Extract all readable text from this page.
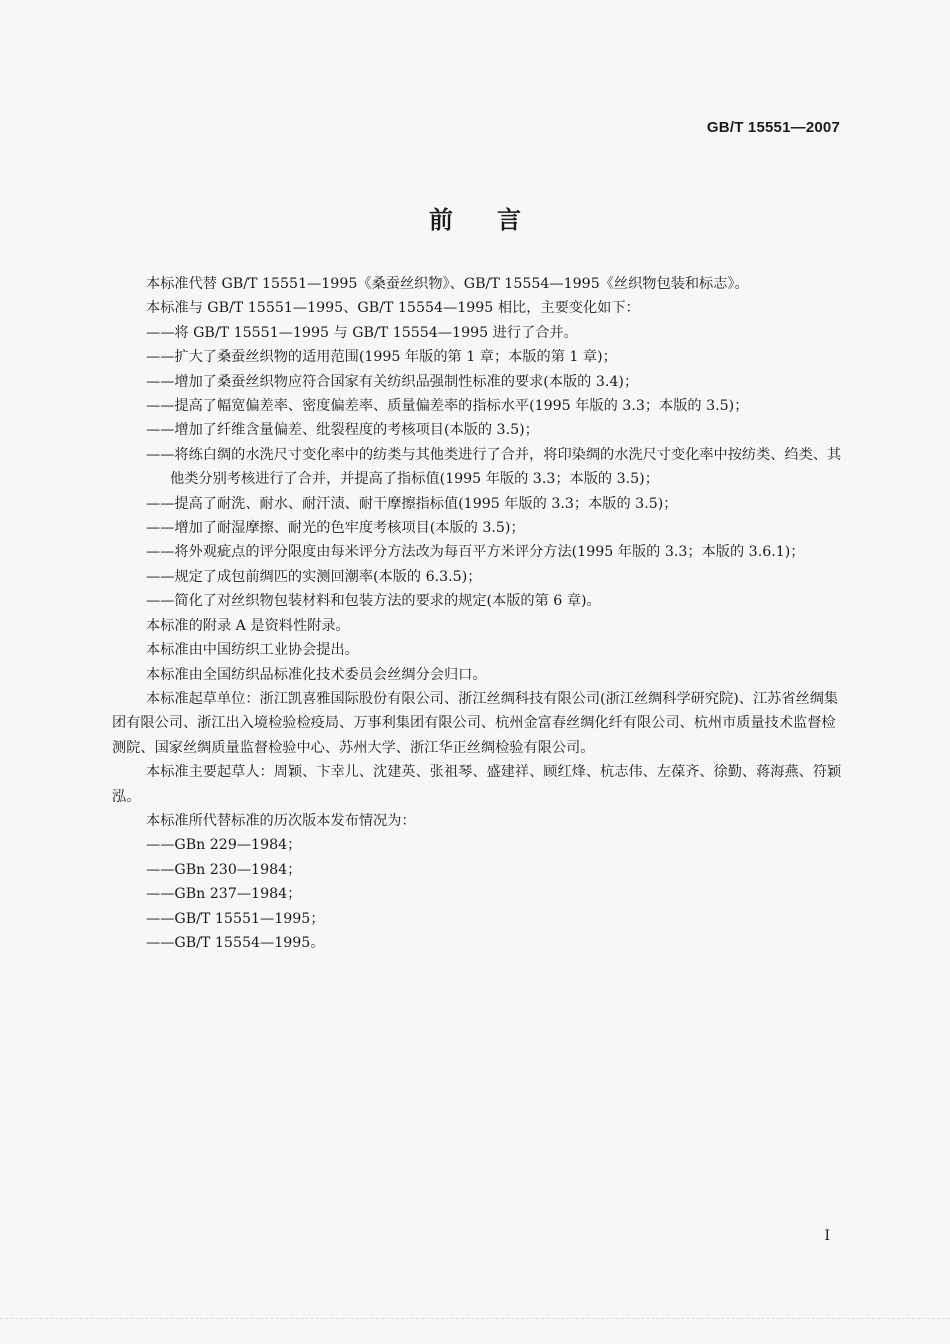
GB/T 15551—2007
前言

本标准代替 GB/T 15551—1995《桑蚕丝织物》、GB/T 15554—1995《丝织物包装和标志》。

本标准与 GB/T 15551—1995、GB/T 15554—1995 相比，主要变化如下：

——将 GB/T 15551—1995 与 GB/T 15554—1995 进行了合并。

——扩大了桑蚕丝织物的适用范围(1995 年版的第 1 章；本版的第 1 章)；

——增加了桑蚕丝织物应符合国家有关纺织品强制性标准的要求(本版的 3.4)；

——提高了幅宽偏差率、密度偏差率、质量偏差率的指标水平(1995 年版的 3.3；本版的 3.5)；

——增加了纤维含量偏差、纰裂程度的考核项目(本版的 3.5)；

——将练白绸的水洗尺寸变化率中的纺类与其他类进行了合并，将印染绸的水洗尺寸变化率中按纺类、绉类、其他类分别考核进行了合并，并提高了指标值(1995 年版的 3.3；本版的 3.5)；

——提高了耐洗、耐水、耐汗渍、耐干摩擦指标值(1995 年版的 3.3；本版的 3.5)；

——增加了耐湿摩擦、耐光的色牢度考核项目(本版的 3.5)；

——将外观疵点的评分限度由每米评分方法改为每百平方米评分方法(1995 年版的 3.3；本版的 3.6.1)；

——规定了成包前绸匹的实测回潮率(本版的 6.3.5)；

——简化了对丝织物包装材料和包装方法的要求的规定(本版的第 6 章)。

本标准的附录 A 是资料性附录。

本标准由中国纺织工业协会提出。

本标准由全国纺织品标准化技术委员会丝绸分会归口。

本标准起草单位：浙江凯喜雅国际股份有限公司、浙江丝绸科技有限公司(浙江丝绸科学研究院)、江苏省丝绸集团有限公司、浙江出入境检验检疫局、万事利集团有限公司、杭州金富春丝绸化纤有限公司、杭州市质量技术监督检测院、国家丝绸质量监督检验中心、苏州大学、浙江华正丝绸检验有限公司。

本标准主要起草人：周颖、卞幸儿、沈建英、张祖琴、盛建祥、顾红烽、杭志伟、左葆齐、徐勤、蒋海燕、符颖泓。

本标准所代替标准的历次版本发布情况为：

——GBn 229—1984；

——GBn 230—1984；

——GBn 237—1984；

——GB/T 15551—1995；

——GB/T 15554—1995。

I
